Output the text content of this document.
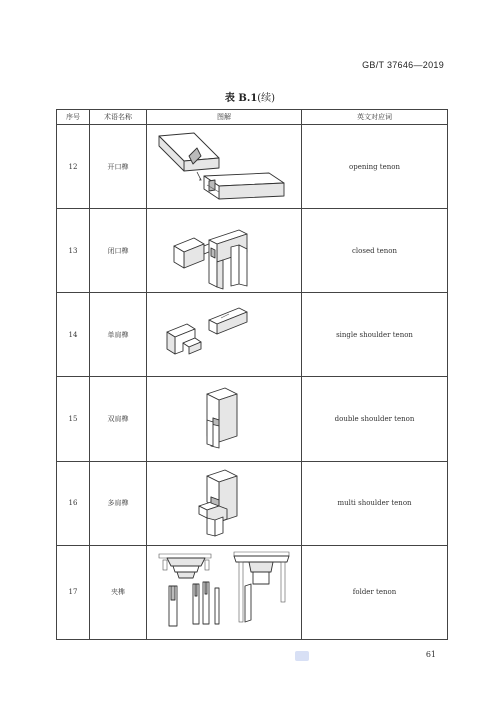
GB/T 37646—2019
表 B.1(续)
序号	术语名称	图解	英文对应词
12	开口榫		opening tenon
13	闭口榫		closed tenon
14	单肩榫		single shoulder tenon
15	双肩榫		double shoulder tenon
16	多肩榫		multi shoulder tenon
17	夹榫		folder tenon
61
